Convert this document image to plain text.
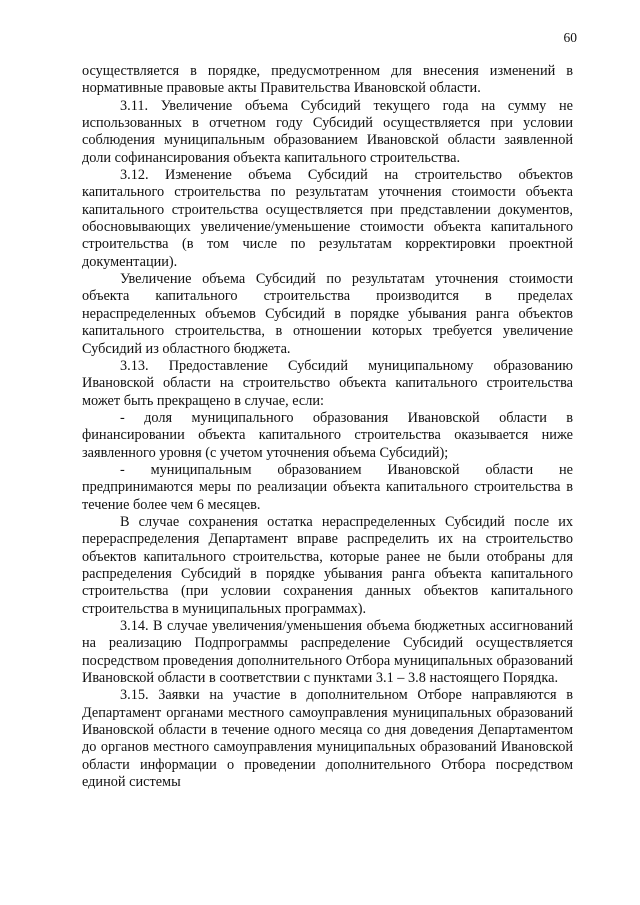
60

осуществляется в порядке, предусмотренном для внесения изменений в нормативные правовые акты Правительства Ивановской области.

3.11. Увеличение объема Субсидий текущего года на сумму не использованных в отчетном году Субсидий осуществляется при условии соблюдения муниципальным образованием Ивановской области заявленной доли софинансирования объекта капитального строительства.

3.12. Изменение объема Субсидий на строительство объектов капитального строительства по результатам уточнения стоимости объекта капитального строительства осуществляется при представлении документов, обосновывающих увеличение/уменьшение стоимости объекта капитального строительства (в том числе по результатам корректировки проектной документации).

Увеличение объема Субсидий по результатам уточнения стоимости объекта капитального строительства производится в пределах нераспределенных объемов Субсидий в порядке убывания ранга объектов капитального строительства, в отношении которых требуется увеличение Субсидий из областного бюджета.

3.13. Предоставление Субсидий муниципальному образованию Ивановской области на строительство объекта капитального строительства может быть прекращено в случае, если:

- доля муниципального образования Ивановской области в финансировании объекта капитального строительства оказывается ниже заявленного уровня (с учетом уточнения объема Субсидий);

- муниципальным образованием Ивановской области не предпринимаются меры по реализации объекта капитального строительства в течение более чем 6 месяцев.

В случае сохранения остатка нераспределенных Субсидий после их перераспределения Департамент вправе распределить их на строительство объектов капитального строительства, которые ранее не были отобраны для распределения Субсидий в порядке убывания ранга объекта капитального строительства (при условии сохранения данных объектов капитального строительства в муниципальных программах).

3.14. В случае увеличения/уменьшения объема бюджетных ассигнований на реализацию Подпрограммы распределение Субсидий осуществляется посредством проведения дополнительного Отбора муниципальных образований Ивановской области в соответствии с пунктами 3.1 – 3.8 настоящего Порядка.

3.15. Заявки на участие в дополнительном Отборе направляются в Департамент органами местного самоуправления муниципальных образований Ивановской области в течение одного месяца со дня доведения Департаментом до органов местного самоуправления муниципальных образований Ивановской области информации о проведении дополнительного Отбора посредством единой системы
